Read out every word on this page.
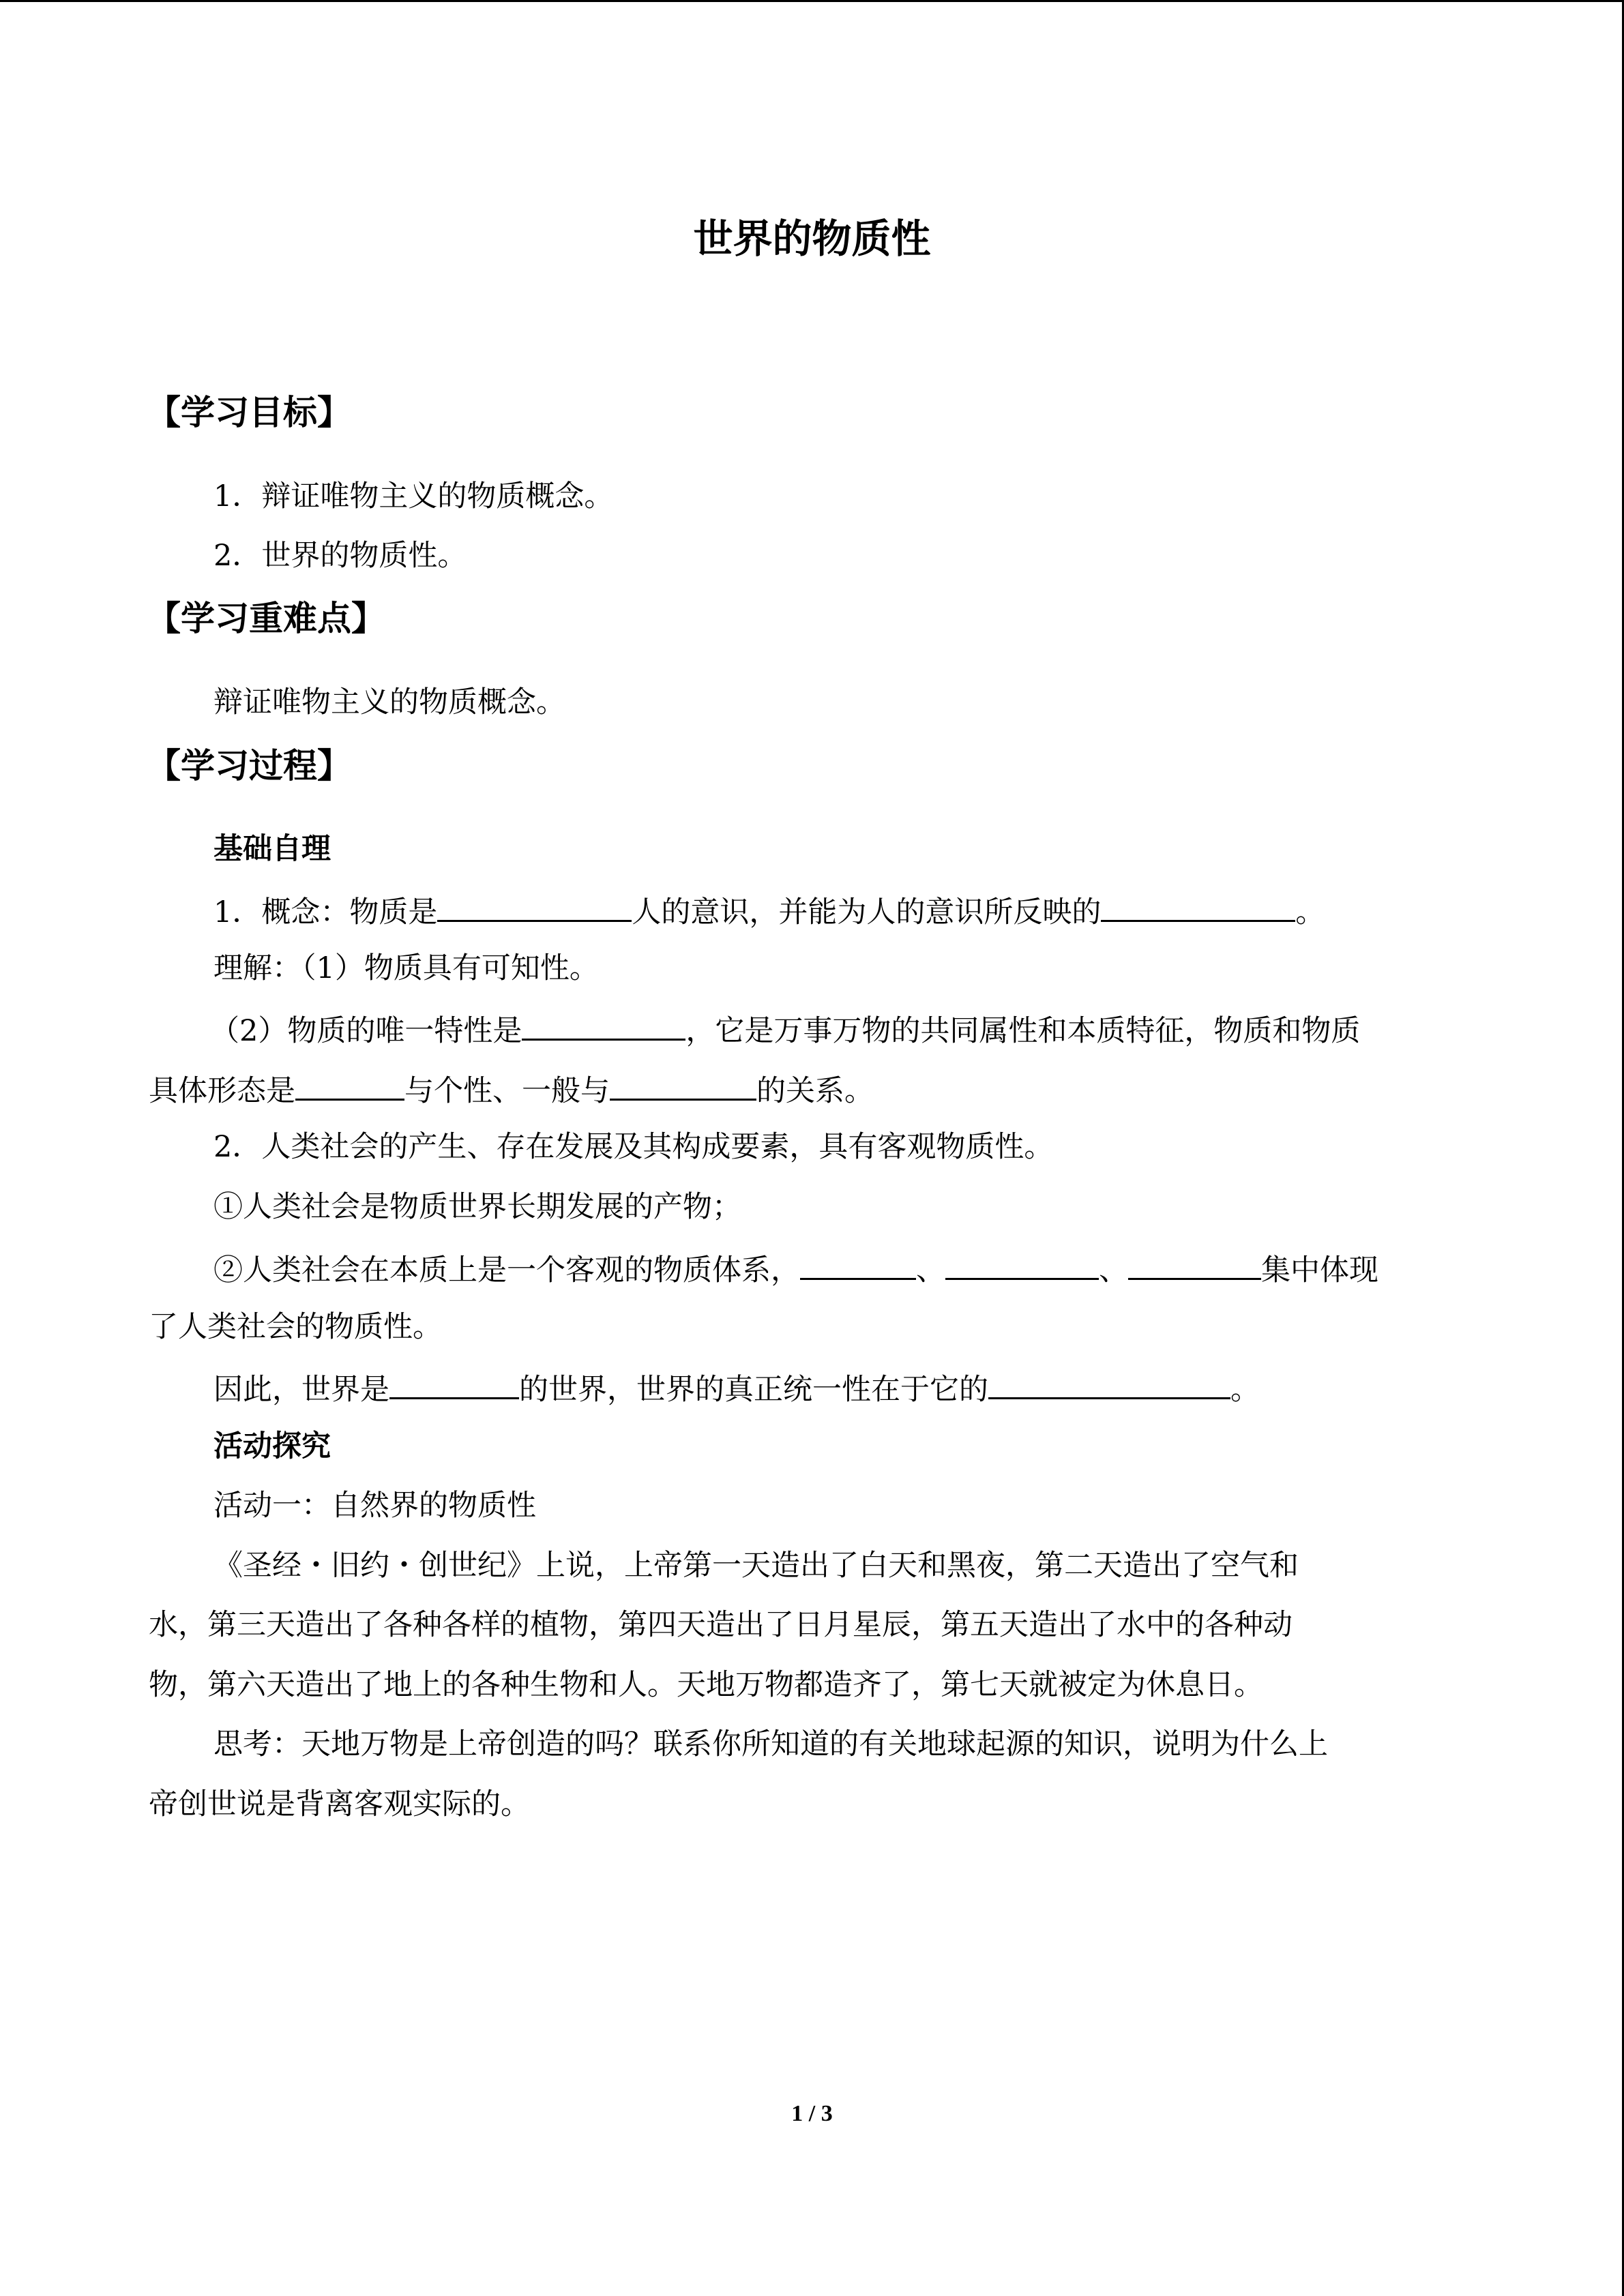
世界的物质性
【学习目标】
1．辩证唯物主义的物质概念。
2．世界的物质性。
【学习重难点】
辩证唯物主义的物质概念。
【学习过程】
基础自理
1．概念：物质是	人的意识，并能为人的意识所反映的	。
理解：（1）物质具有可知性。
（2）物质的唯一特性是	，它是万事万物的共同属性和本质特征，物质和物质
具体形态是	与个性、一般与	的关系。
2．人类社会的产生、存在发展及其构成要素，具有客观物质性。
①人类社会是物质世界长期发展的产物；
②人类社会在本质上是一个客观的物质体系，	、	、	集中体现
了人类社会的物质性。
因此，世界是	的世界，世界的真正统一性在于它的	。
活动探究
活动一：自然界的物质性
《圣经・旧约・创世纪》上说，上帝第一天造出了白天和黑夜，第二天造出了空气和
水，第三天造出了各种各样的植物，第四天造出了日月星辰，第五天造出了水中的各种动
物，第六天造出了地上的各种生物和人。天地万物都造齐了，第七天就被定为休息日。
思考：天地万物是上帝创造的吗？联系你所知道的有关地球起源的知识，说明为什么上
帝创世说是背离客观实际的。
1 / 3
